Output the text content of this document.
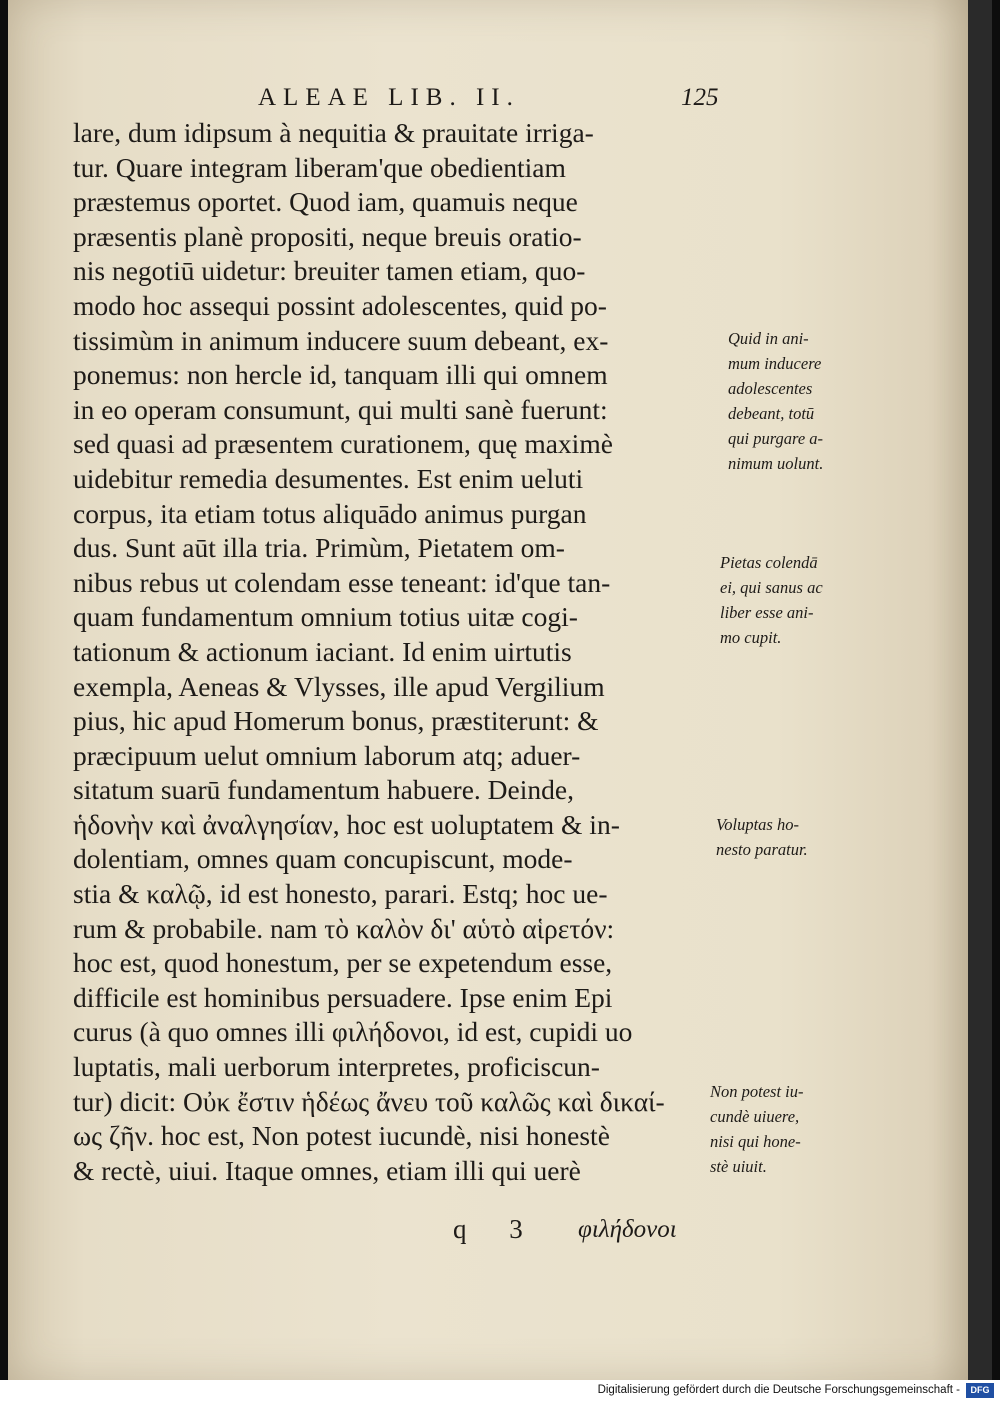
ALEAE LIB. II.	125
lare, dum idipsum à nequitia & prauitate irriga-
tur. Quare integram liberam'que obedientiam
præstemus oportet. Quod iam, quamuis neque
præsentis planè propositi, neque breuis oratio-
nis negotiū uidetur: breuiter tamen etiam, quo-
modo hoc assequi possint adolescentes, quid po-
tissimùm in animum inducere suum debeant, ex-
ponemus: non hercle id, tanquam illi qui omnem
in eo operam consumunt, qui multi sanè fuerunt:
sed quasi ad præsentem curationem, quę maximè
uidebitur remedia desumentes. Est enim ueluti
corpus, ita etiam totus aliquādo animus purgan
dus. Sunt aūt illa tria. Primùm, Pietatem om-
nibus rebus ut colendam esse teneant: id'que tan-
quam fundamentum omnium totius uitæ cogi-
tationum & actionum iaciant. Id enim uirtutis
exempla, Aeneas & Vlysses, ille apud Vergilium
pius, hic apud Homerum bonus, præstiterunt: &
præcipuum uelut omnium laborum atq; aduer-
sitatum suarū fundamentum habuere. Deinde,
ἡδονὴν καὶ ἀναλγησίαν, hoc est uoluptatem & in-
dolentiam, omnes quam concupiscunt, mode-
stia & καλῷ, id est honesto, parari. Estq; hoc ue-
rum & probabile. nam τὸ καλὸν δι' αὑτὸ αἱρετόν:
hoc est, quod honestum, per se expetendum esse,
difficile est hominibus persuadere. Ipse enim Epi
curus (à quo omnes illi φιλήδονοι, id est, cupidi uo
luptatis, mali uerborum interpretes, proficiscun-
tur) dicit: Οὐκ ἔστιν ἡδέως ἄνευ τοῦ καλῶς καὶ δικαί-
ως ζῆν. hoc est, Non potest iucundè, nisi honestè
& rectè, uiui. Itaque omnes, etiam illi qui uerè
Quid in ani-
mum inducere
adolescentes
debeant, totū
qui purgare a-
nimum uolunt.
Pietas colendā
ei, qui sanus ac
liber esse ani-
mo cupit.
Voluptas ho-
nesto paratur.
Non potest iu-
cundè uiuere,
nisi qui hone-
stè uiuit.
q 3 φιλήδονοι
Digitalisierung gefördert durch die Deutsche Forschungsgemeinschaft -	DFG
